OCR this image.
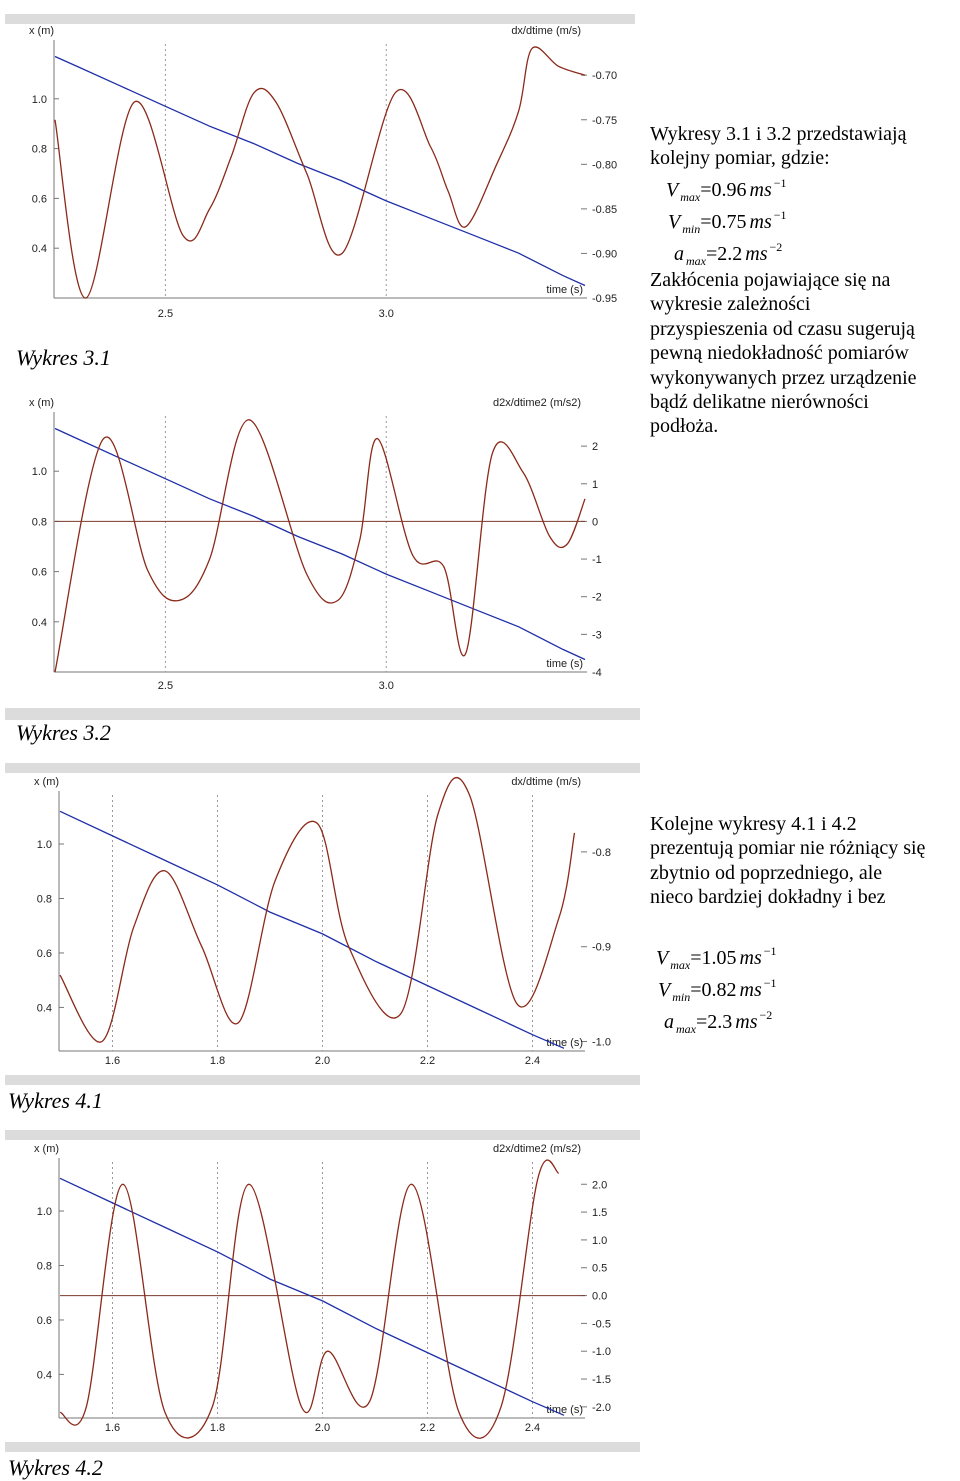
2.5	3.0
1.0
0.8
0.6
0.4
-0.70
-0.75
-0.80
-0.85
-0.90
-0.95
x (m)	dx/dtime (m/s)
time (s)
2.5	3.0
1.0
0.8
0.6
0.4
2
1
0
-1
-2
-3
-4
x (m)	d2x/dtime2 (m/s2)
time (s)
1.6	1.8	2.0	2.2	2.4
1.0
0.8
0.6
0.4
-0.8
-0.9
-1.0
x (m)	dx/dtime (m/s)
time (s)
1.6	1.8	2.0	2.2	2.4
1.0
0.8
0.6
0.4
2.0
1.5
1.0
0.5
0.0
-0.5
-1.0
-1.5
-2.0
x (m)	d2x/dtime2 (m/s2)
time (s)
Wykres 3.1
Wykres 3.2
Wykres 4.1
Wykres 4.2

Wykresy 3.1 i 3.2 przedstawiają

kolejny pomiar, gdzie:

V $_{max}$=0.96 ms $^{-1}$
V $_{min}$=0.75 ms $^{-1}$
a $_{max}$=2.2 ms $^{-2}$

Zakłócenia pojawiające się na

wykresie zależności

przyspieszenia od czasu sugerują

pewną niedokładność pomiarów

wykonywanych przez urządzenie

bądź delikatne nierówności

podłoża.

Kolejne wykresy 4.1 i 4.2

prezentują pomiar nie różniący się

zbytnio od poprzedniego, ale

nieco bardziej dokładny i bez

V $_{max}$=1.05 ms $^{-1}$
V $_{min}$=0.82 ms $^{-1}$
a $_{max}$=2.3 ms $^{-2}$
